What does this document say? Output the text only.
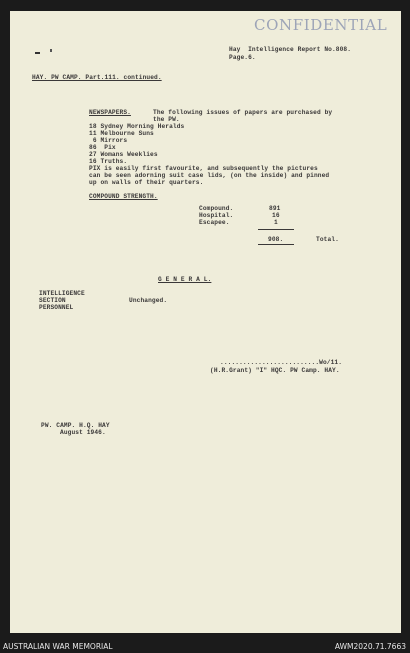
CONFIDENTIAL
Hay  Intelligence Report No.808.
Page.6.
HAY. PW CAMP. Part.111. continued.
NEWSPAPERS.	The following issues of papers are purchased by
the PW.
18 Sydney Morning Heralds
11 Melbourne Suns
6 Mirrors
86  Pix
27 Womans Weeklies
16 Truths.
PIX is easily first favourite, and subsequently the pictures
can be seen adorning suit case lids, (on the inside) and pinned
up on walls of their quarters.
COMPOUND STRENGTH.
Compound.	891
Hospital.	16
Escapee.	1
908.	Total.
G E N E R A L.
INTELLIGENCE
SECTION
PERSONNEL
Unchanged.
..........................Wo/11.
(H.R.Grant) "I" HQC. PW Camp. HAY.
PW. CAMP. H.Q. HAY
August 1946.
AUSTRALIAN WAR MEMORIAL	AWM2020.71.7663
